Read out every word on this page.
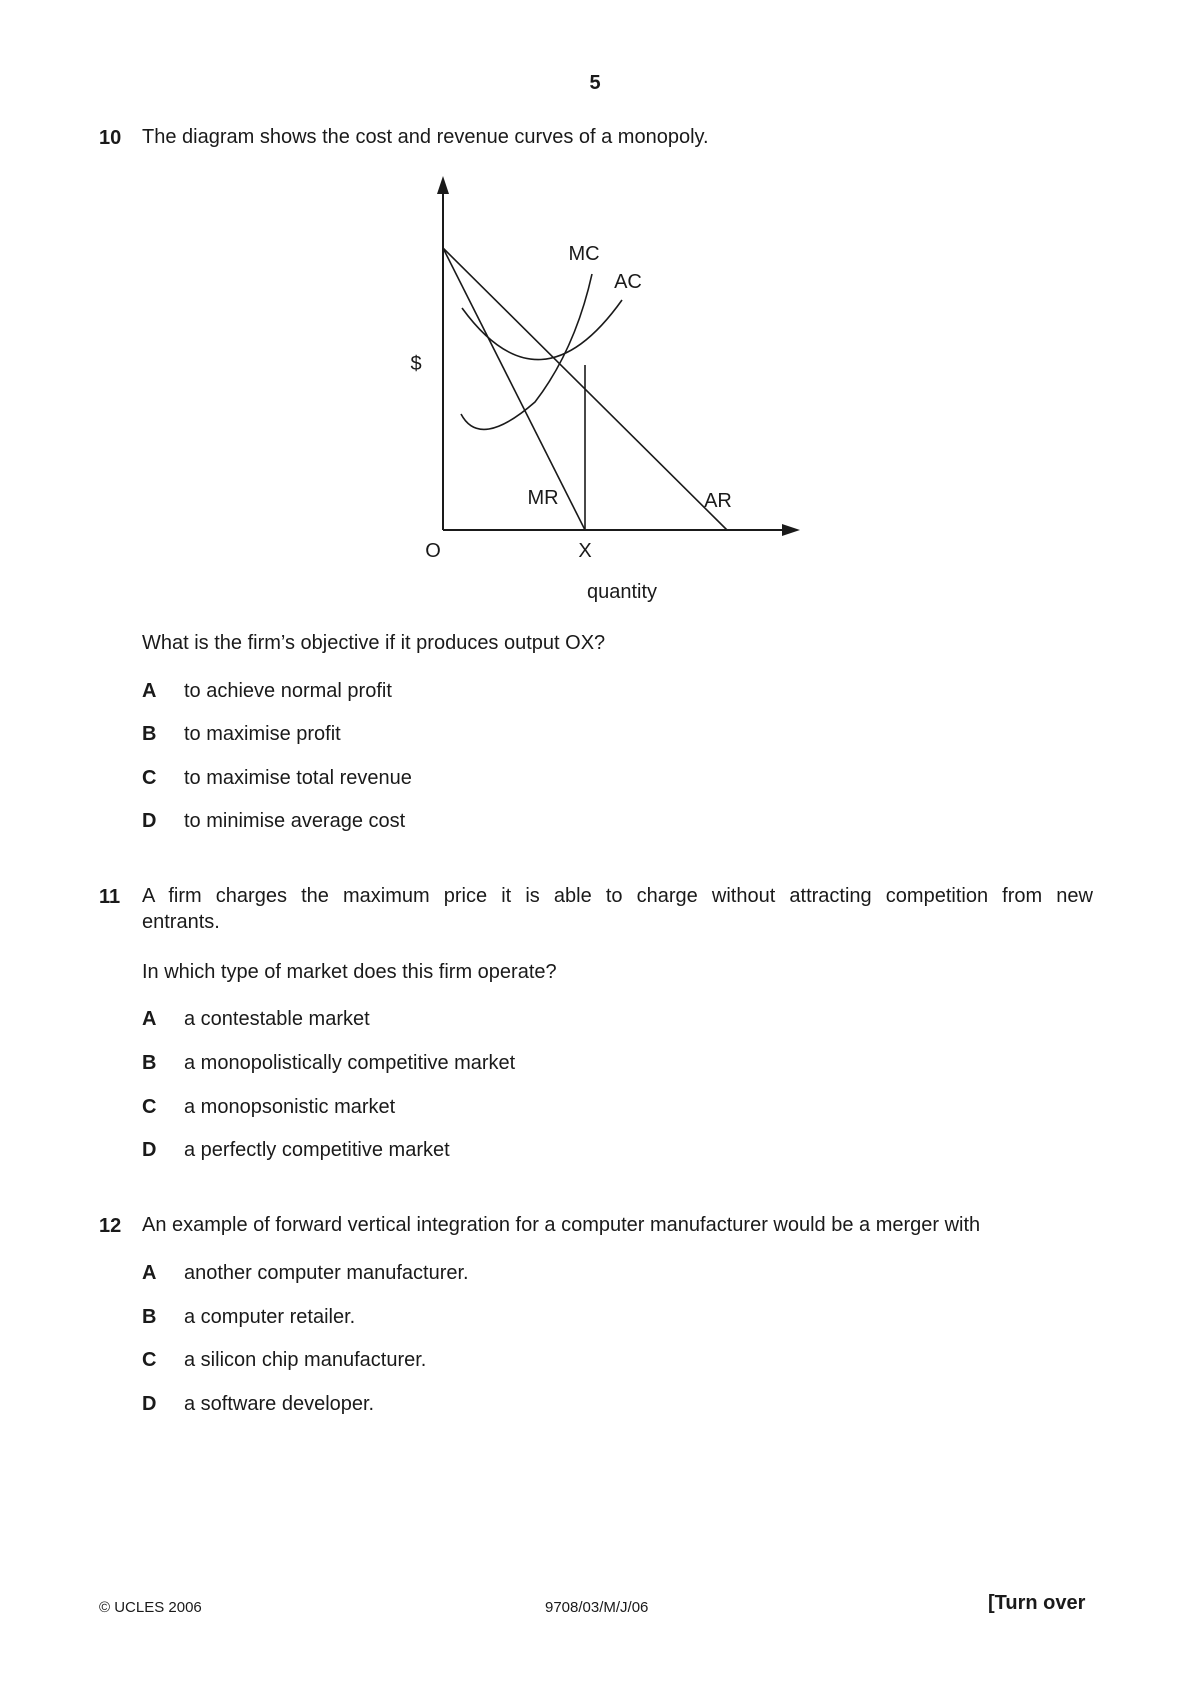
5
10 The diagram shows the cost and revenue curves of a monopoly.
$
O	X
quantity
MC
AC
MR	AR
What is the firm’s objective if it produces output OX?
A to achieve normal profit
B to maximise profit
C to maximise total revenue
D to minimise average cost
11 A firm charges the maximum price it is able to charge without attracting competition from new
entrants.
In which type of market does this firm operate?
A a contestable market
B a monopolistically competitive market
C a monopsonistic market
D a perfectly competitive market
12 An example of forward vertical integration for a computer manufacturer would be a merger with
A another computer manufacturer.
B a computer retailer.
C a silicon chip manufacturer.
D a software developer.
© UCLES 2006	9708/03/M/J/06	[Turn over
